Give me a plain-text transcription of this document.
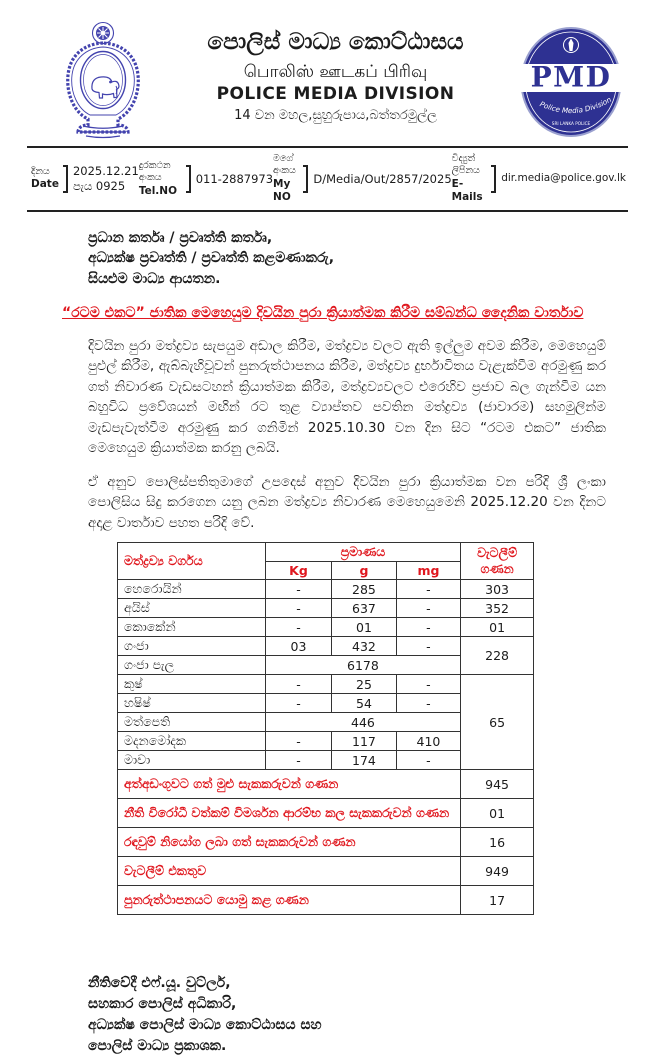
පොලිස් මාධ්‍ය කොට්ඨාසය
பொலிஸ் ஊடகப் பிரிவு
POLICE MEDIA DIVISION
14 වන මහල,සුහුරුපාය,බත්තරමුල්ල
PMD
Police Media Division
SRI LANKA POLICE
දිනය
Date
2025.12.21
පැය 0925
දුරකථන අංකය
Tel.NO
011-2887973
මගේ අංකය
My NO
D/Media/Out/2857/2025
විද්‍යුත් ලිපිනය
E-Mails
dir.media@police.gov.lk
ප්‍රධාන කර්තෘ / ප්‍රවෘත්ති කර්තෘ,
අධ්‍යක්ෂ ප්‍රවෘත්ති / ප්‍රවෘත්ති කළමණාකරු,
සියළුම මාධ්‍ය ආයතන.
“රටම එකට” ජාතික මෙහෙයුම දිවයින පුරා ක්‍රියාත්මක කිරීම සම්බන්ධ දෛනික වාර්තාව
දිවයින පුරා මත්ද්‍රව්‍ය සැපයුම අඩාල කිරීම, මත්ද්‍රව්‍ය වලට ඇති ඉල්ලුම අවම කිරීම, මෙහෙයුම් පුළුල් කිරීම, ඇබ්බැහිවූවන් පුනරුත්ථාපනය කිරීම, මත්ද්‍රව්‍ය දුර්භාවිතය වැළැක්වීම අරමුණු කර ගත් නිවාරණ වැඩසටහන් ක්‍රියාත්මක කිරීම, මත්ද්‍රව්‍යවලට එරෙහිව ප්‍රජාව බල ගැන්වීම යන බහුවිධ ප්‍රවේශයන් මඟින් රට තුළ ව්‍යාප්තව පවතින මත්ද්‍රව්‍ය (ජාවාරම) සහමුලින්ම මැඩපැවැත්වීම අරමුණු කර ගනිමින් 2025.10.30 වන දින සිට “රටම එකට” ජාතික මෙහෙයුම ක්‍රියාත්මක කරනු ලබයි.
ඒ අනුව පොලිස්පතිතුමාගේ උපදෙස් අනුව දිවයින පුරා ක්‍රියාත්මක වන පරිදි ශ්‍රී ලංකා පොලිසිය සිදු කරගෙන යනු ලබන මත්ද්‍රව්‍ය නිවාරණ මෙහෙයුමෙනි 2025.12.20 වන දිනට අදාළ වාර්තාව පහත පරිදි වේ.
මත්ද්‍රව්‍ය වර්ගය	ප්‍රමාණය			වැටලීම්
ගණන

	Kg	g	mg	
හෙරොයින්	-	285	-	303
අයිස්	-	637	-	352
කොකේන්	-	01	-	01
ගංජා	03	432	-	228
ගංජා පැල	6178			
කුෂ්	-	25	-	65
හෂිෂ්	-	54	-	
මත්පෙති	446			
මදනමෝදක	-	117	410	
මාවා	-	174	-	
අත්අඩංගුවට ගත් මුළු සැකකරුවන් ගණන				945
නීති විරෝධී වත්කම් විමර්ශන ආරම්භ කල සැකකරුවන් ගණන				01
රඳවුම් නියෝග ලබා ගත් සැකකරුවන් ගණන				16
වැටලීම් එකතුව				949
පුනරුත්ථාපනයට යොමු කළ ගණන				17
නීතිවේදී එෆ්.යූ. වුට්ලර්,
සහකාර පොලිස් අධිකාරි,
අධ්‍යක්ෂ පොලිස් මාධ්‍ය කොට්ඨාසය සහ
පොලිස් මාධ්‍ය ප්‍රකාශක.
